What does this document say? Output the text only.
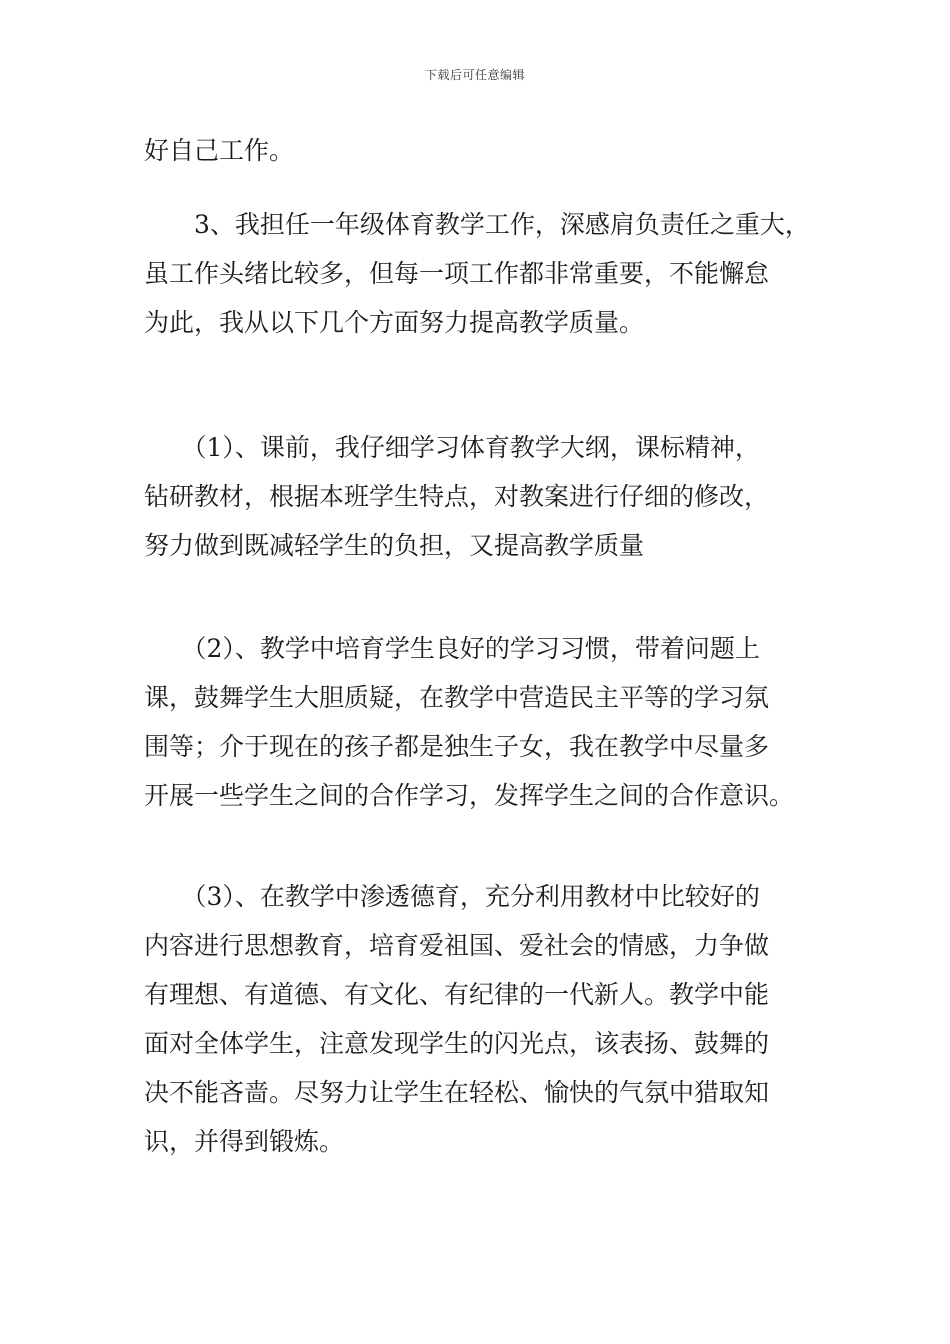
下载后可任意编辑

好自己工作。

　　3、我担任一年级体育教学工作，深感肩负责任之重大，
虽工作头绪比较多，但每一项工作都非常重要，不能懈怠
为此，我从以下几个方面努力提高教学质量。

　　（1）、课前，我仔细学习体育教学大纲，课标精神，
钻研教材，根据本班学生特点，对教案进行仔细的修改，
努力做到既减轻学生的负担，又提高教学质量

　　（2）、教学中培育学生良好的学习习惯，带着问题上
课，鼓舞学生大胆质疑，在教学中营造民主平等的学习氛
围等；介于现在的孩子都是独生子女，我在教学中尽量多
开展一些学生之间的合作学习，发挥学生之间的合作意识。

　　（3）、在教学中渗透德育，充分利用教材中比较好的
内容进行思想教育，培育爱祖国、爱社会的情感，力争做
有理想、有道德、有文化、有纪律的一代新人。教学中能
面对全体学生，注意发现学生的闪光点，该表扬、鼓舞的
决不能吝啬。尽努力让学生在轻松、愉快的气氛中猎取知
识，并得到锻炼。
